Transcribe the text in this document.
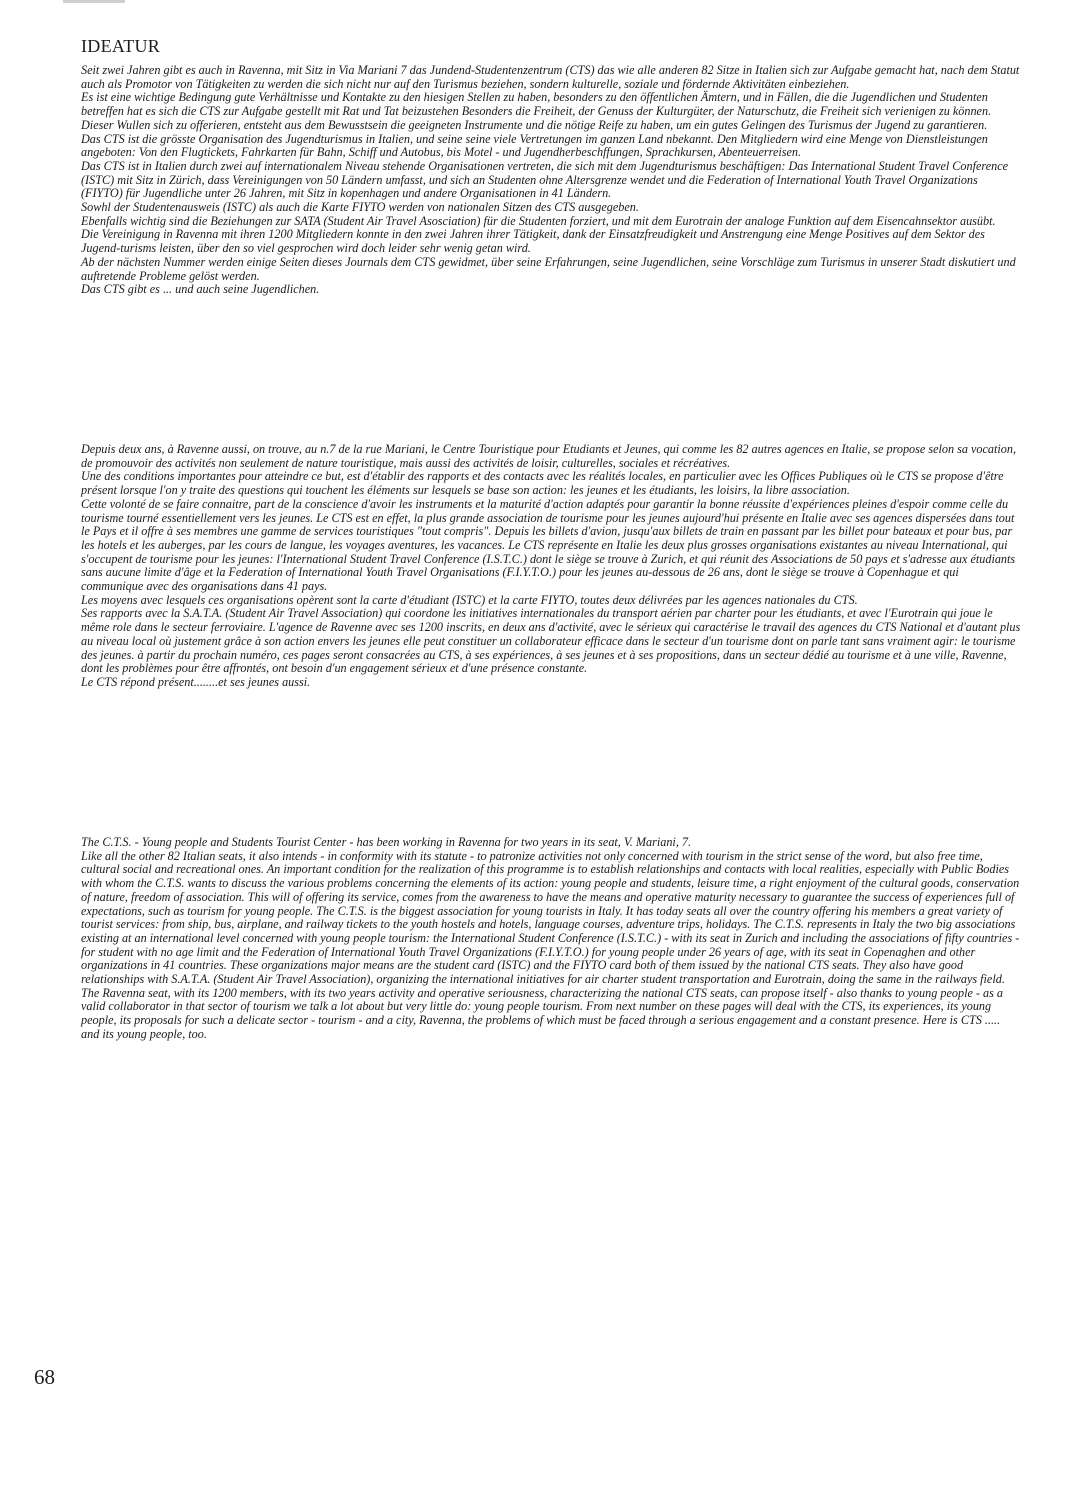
IDEATUR

Seit zwei Jahren gibt es auch in Ravenna, mit Sitz in Via Mariani 7 das Jundend-Studentenzentrum (CTS) das wie alle anderen 82 Sitze in Italien sich zur Aufgabe gemacht hat, nach dem Statut auch als Promotor von Tätigkeiten zu werden die sich nicht nur auf den Turismus beziehen, sondern kulturelle, soziale und fördernde Aktivitäten einbeziehen.

Es ist eine wichtige Bedingung gute Verhältnisse und Kontakte zu den hiesigen Stellen zu haben, besonders zu den öffentlichen Ämtern, und in Fällen, die die Jugendlichen und Studenten betreffen hat es sich die CTS zur Aufgabe gestellt mit Rat und Tat beizustehen Besonders die Freiheit, der Genuss der Kulturgüter, der Naturschutz, die Freiheit sich verienigen zu können.

Dieser Wullen sich zu offerieren, entsteht aus dem Bewusstsein die geeigneten Instrumente und die nötige Reife zu haben, um ein gutes Gelingen des Turismus der Jugend zu garantieren.

Das CTS ist die grösste Organisation des Jugendturismus in Italien, und seine seine viele Vertretungen im ganzen Land nbekannt. Den Mitgliedern wird eine Menge von Dienstleistungen angeboten: Von den Flugtickets, Fahrkarten für Bahn, Schiff und Autobus, bis Motel - und Jugendherbeschffungen, Sprachkursen, Abenteuerreisen.

Das CTS ist in Italien durch zwei auf internationalem Niveau stehende Organisationen vertreten, die sich mit dem Jugendturismus beschäftigen: Das International Student Travel Conference (ISTC) mit Sitz in Zürich, dass Vereinigungen von 50 Ländern umfasst, und sich an Studenten ohne Altersgrenze wendet und die Federation of International Youth Travel Organizations (FIYTO) für Jugendliche unter 26 Jahren, mit Sitz in kopenhagen und andere Organisationen in 41 Ländern.

Sowhl der Studentenausweis (ISTC) als auch die Karte FIYTO werden von nationalen Sitzen des CTS ausgegeben.

Ebenfalls wichtig sind die Beziehungen zur SATA (Student Air Travel Asosciation) für die Studenten forziert, und mit dem Eurotrain der analoge Funktion auf dem Eisencahnsektor ausübt.

Die Vereinigung in Ravenna mit ihren 1200 Mitgliedern konnte in den zwei Jahren ihrer Tätigkeit, dank der Einsatzfreudigkeit und Anstrengung eine Menge Positives auf dem Sektor des Jugend-turisms leisten, über den so viel gesprochen wird doch leider sehr wenig getan wird.

Ab der nächsten Nummer werden einige Seiten dieses Journals dem CTS gewidmet, über seine Erfahrungen, seine Jugendlichen, seine Vorschläge zum Turismus in unserer Stadt diskutiert und auftretende Probleme gelöst werden.

Das CTS gibt es ... und auch seine Jugendlichen.

Depuis deux ans, à Ravenne aussi, on trouve, au n.7 de la rue Mariani, le Centre Touristique pour Etudiants et Jeunes, qui comme les 82 autres agences en Italie, se propose selon sa vocation, de promouvoir des activités non seulement de nature touristique, mais aussi des activités de loisir, culturelles, sociales et récréatives.

Une des conditions importantes pour atteindre ce but, est d'établir des rapports et des contacts avec les réalités locales, en particulier avec les Offices Publiques où le CTS se propose d'être présent lorsque l'on y traite des questions qui touchent les éléments sur lesquels se base son action: les jeunes et les étudiants, les loisirs, la libre association.

Cette volonté de se faire connaitre, part de la conscience d'avoir les instruments et la maturité d'action adaptés pour garantir la bonne réussite d'expériences pleines d'espoir comme celle du tourisme tourné essentiellement vers les jeunes. Le CTS est en effet, la plus grande association de tourisme pour les jeunes aujourd'hui présente en Italie avec ses agences dispersées dans tout le Pays et il offre à ses membres une gamme de services touristiques "tout compris". Depuis les billets d'avion, jusqu'aux billets de train en passant par les billet pour bateaux et pour bus, par les hotels et les auberges, par les cours de langue, les voyages aventures, les vacances. Le CTS représente en Italie les deux plus grosses organisations existantes au niveau International, qui s'occupent de tourisme pour les jeunes: l'International Student Travel Conference (I.S.T.C.) dont le siège se trouve à Zurich, et qui réunit des Associations de 50 pays et s'adresse aux étudiants sans aucune limite d'âge et la Federation of International Youth Travel Organisations (F.I.Y.T.O.) pour les jeunes au-dessous de 26 ans, dont le siège se trouve à Copenhague et qui communique avec des organisations dans 41 pays.

Les moyens avec lesquels ces organisations opèrent sont la carte d'étudiant (ISTC) et la carte FIYTO, toutes deux délivrées par les agences nationales du CTS.

Ses rapports avec la S.A.T.A. (Student Air Travel Association) qui coordone les initiatives internationales du transport aérien par charter pour les étudiants, et avec l'Eurotrain qui joue le même role dans le secteur ferroviaire. L'agence de Ravenne avec ses 1200 inscrits, en deux ans d'activité, avec le sérieux qui caractérise le travail des agences du CTS National et d'autant plus au niveau local où justement grâce à son action envers les jeunes elle peut constituer un collaborateur efficace dans le secteur d'un tourisme dont on parle tant sans vraiment agir: le tourisme des jeunes. à partir du prochain numéro, ces pages seront consacrées au CTS, à ses expériences, à ses jeunes et à ses propositions, dans un secteur dédié au tourisme et à une ville, Ravenne, dont les problèmes pour être affrontés, ont besoin d'un engagement sérieux et d'une présence constante.

Le CTS répond présent........et ses jeunes aussi.

The C.T.S. - Young people and Students Tourist Center - has been working in Ravenna for two years in its seat, V. Mariani, 7.

Like all the other 82 Italian seats, it also intends - in conformity with its statute - to patronize activities not only concerned with tourism in the strict sense of the word, but also free time, cultural social and recreational ones. An important condition for the realization of this programme is to establish relationships and contacts with local realities, especially with Public Bodies with whom the C.T.S. wants to discuss the various problems concerning the elements of its action: young people and students, leisure time, a right enjoyment of the cultural goods, conservation of nature, freedom of association. This will of offering its service, comes from the awareness to have the means and operative maturity necessary to guarantee the success of experiences full of expectations, such as tourism for young people. The C.T.S. is the biggest association for young tourists in Italy. It has today seats all over the country offering his members a great variety of tourist services: from ship, bus, airplane, and railway tickets to the youth hostels and hotels, language courses, adventure trips, holidays. The C.T.S. represents in Italy the two big associations existing at an international level concerned with young people tourism: the International Student Conference (I.S.T.C.) - with its seat in Zurich and including the associations of fifty countries - for student with no age limit and the Federation of International Youth Travel Organizations (F.I.Y.T.O.) for young people under 26 years of age, with its seat in Copenaghen and other organizations in 41 countries. These organizations major means are the student card (ISTC) and the FIYTO card both of them issued by the national CTS seats. They also have good relationships with S.A.T.A. (Student Air Travel Association), organizing the international initiatives for air charter student transportation and Eurotrain, doing the same in the railways field.

The Ravenna seat, with its 1200 members, with its two years activity and operative seriousness, characterizing the national CTS seats, can propose itself - also thanks to young people - as a valid collaborator in that sector of tourism we talk a lot about but very little do: young people tourism. From next number on these pages will deal with the CTS, its experiences, its young people, its proposals for such a delicate sector - tourism - and a city, Ravenna, the problems of which must be faced through a serious engagement and a constant presence. Here is CTS ..... and its young people, too.

68
